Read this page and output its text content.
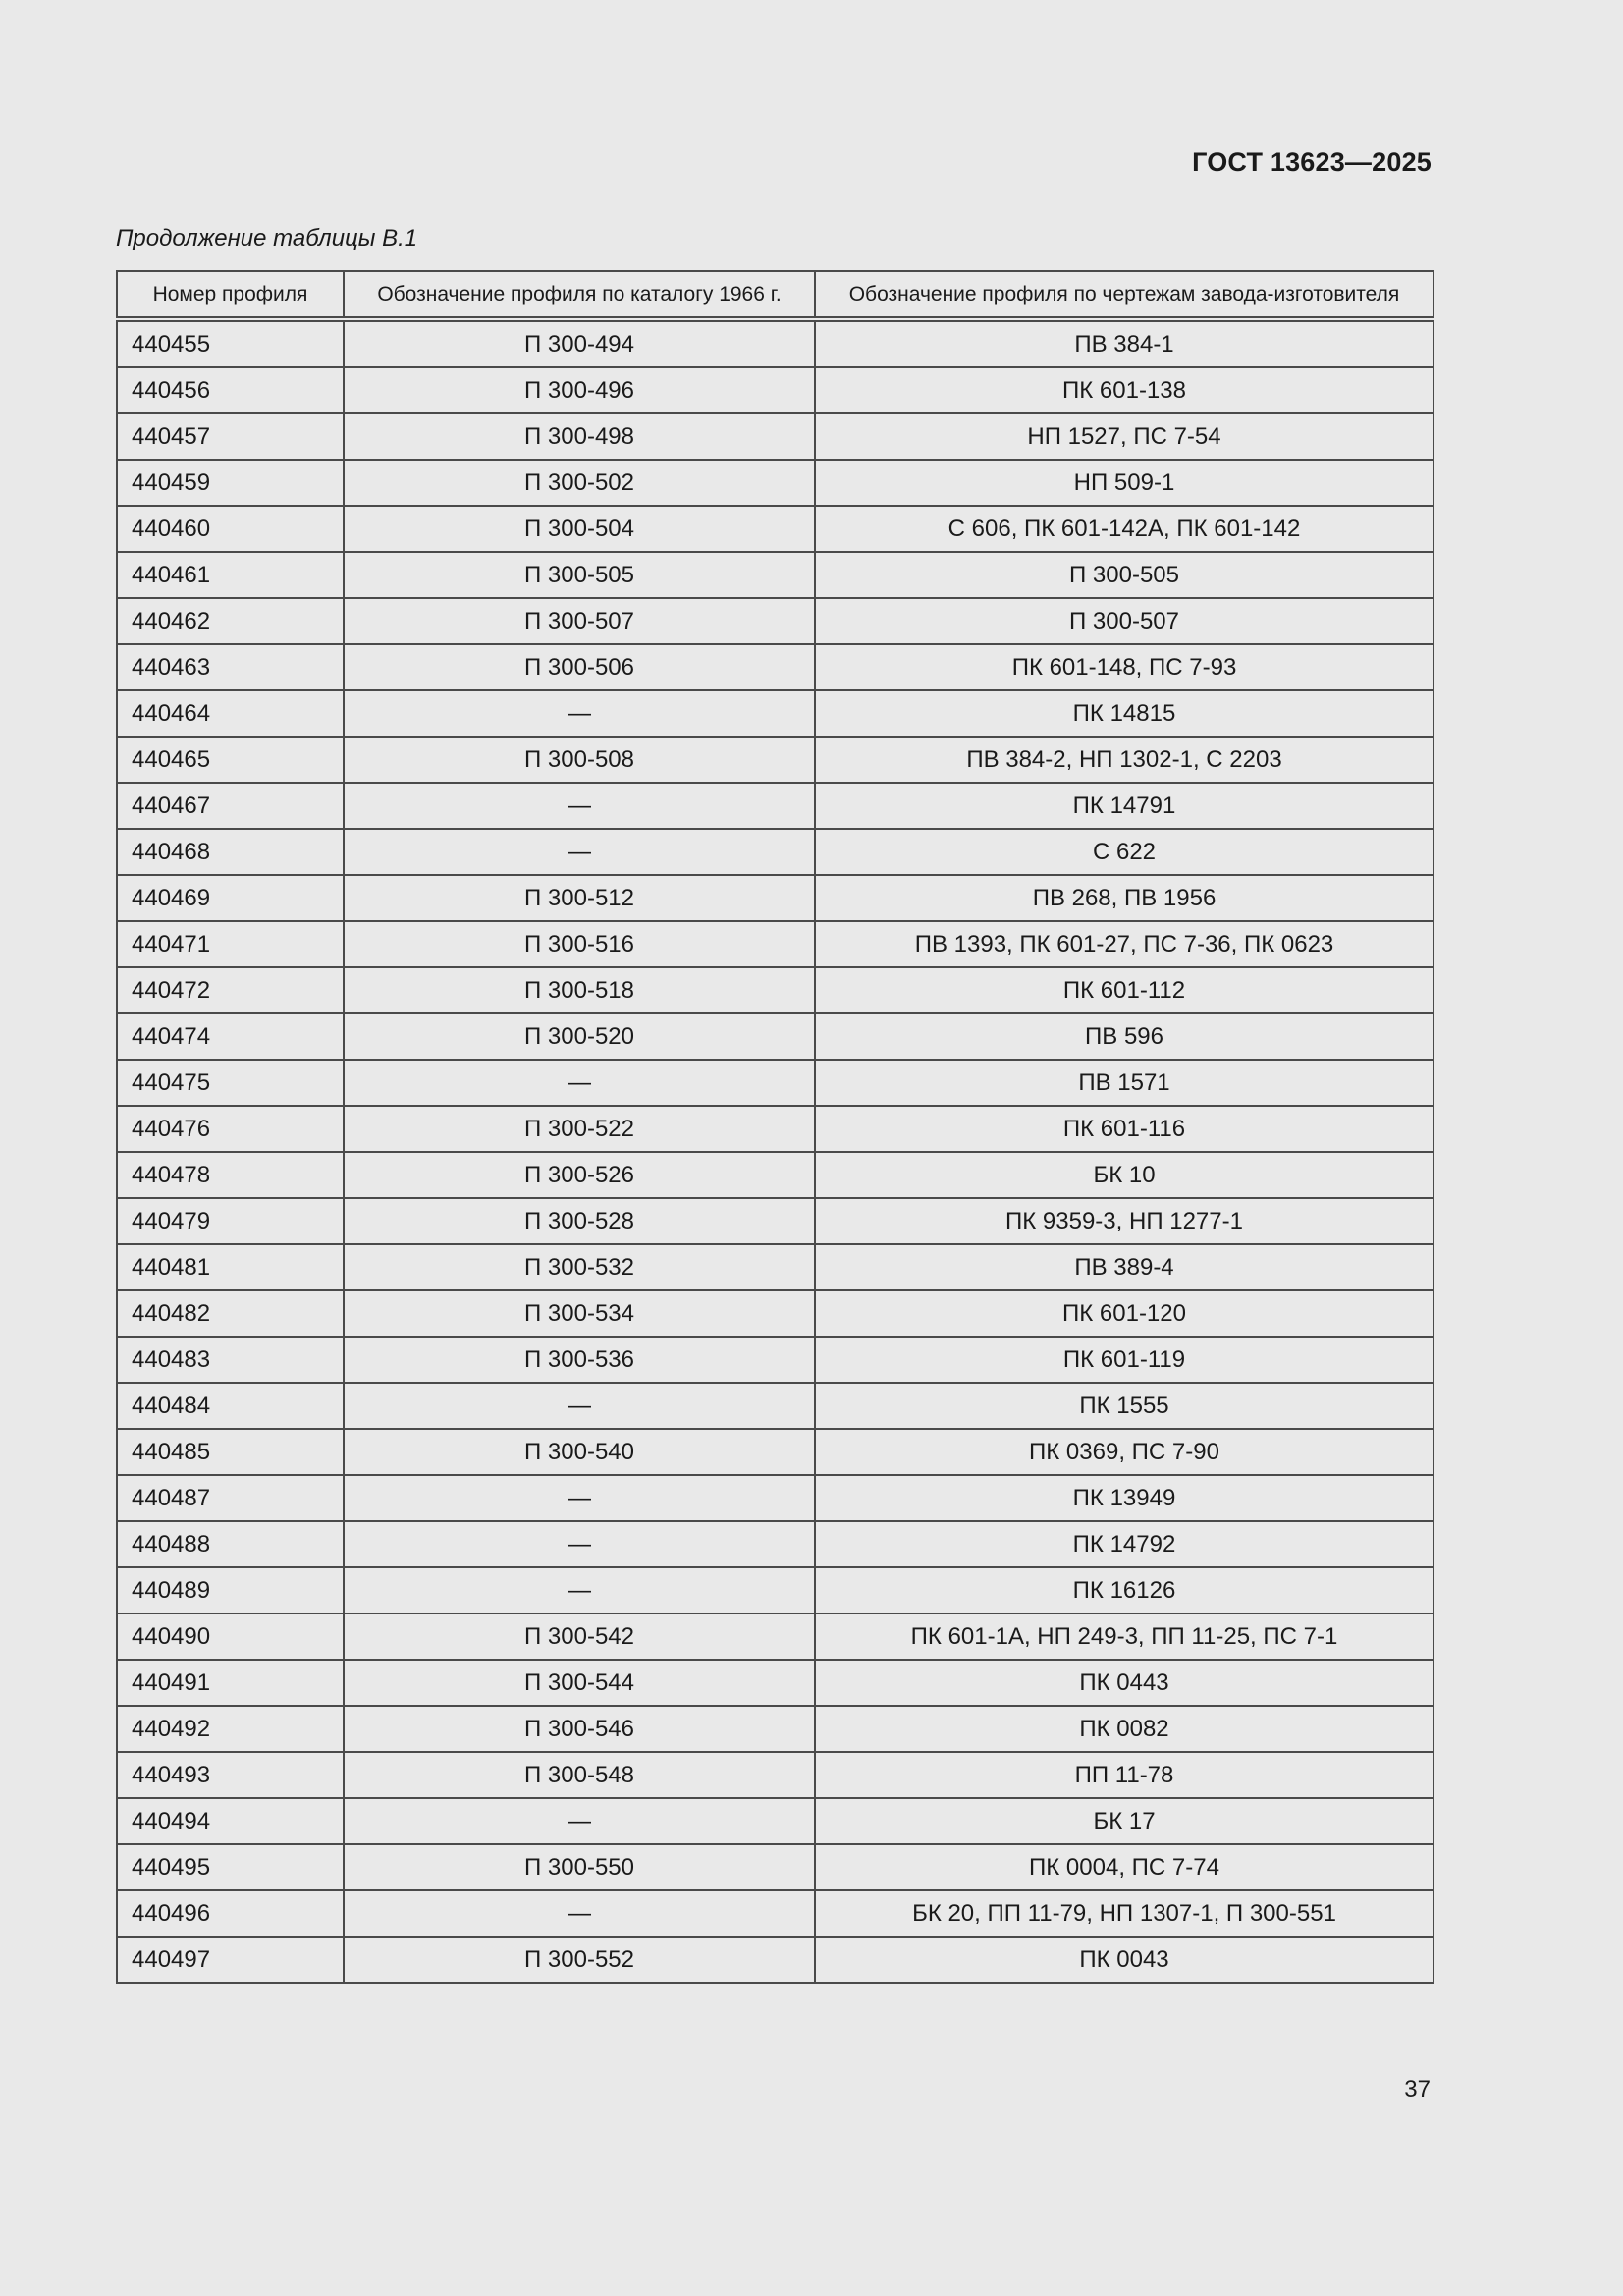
ГОСТ 13623—2025
Продолжение таблицы В.1
Номер профиля	Обозначение профиля по каталогу 1966 г.	Обозначение профиля по чертежам завода-изготовителя
440455	П 300-494	ПВ 384-1
440456	П 300-496	ПК 601-138
440457	П 300-498	НП 1527, ПС 7-54
440459	П 300-502	НП 509-1
440460	П 300-504	С 606, ПК 601-142А, ПК 601-142
440461	П 300-505	П 300-505
440462	П 300-507	П 300-507
440463	П 300-506	ПК 601-148, ПС 7-93
440464	—	ПК 14815
440465	П 300-508	ПВ 384-2, НП 1302-1, С 2203
440467	—	ПК 14791
440468	—	С 622
440469	П 300-512	ПВ 268, ПВ 1956
440471	П 300-516	ПВ 1393, ПК 601-27, ПС 7-36, ПК 0623
440472	П 300-518	ПК 601-112
440474	П 300-520	ПВ 596
440475	—	ПВ 1571
440476	П 300-522	ПК 601-116
440478	П 300-526	БК 10
440479	П 300-528	ПК 9359-3, НП 1277-1
440481	П 300-532	ПВ 389-4
440482	П 300-534	ПК 601-120
440483	П 300-536	ПК 601-119
440484	—	ПК 1555
440485	П 300-540	ПК 0369, ПС 7-90
440487	—	ПК 13949
440488	—	ПК 14792
440489	—	ПК 16126
440490	П 300-542	ПК 601-1А, НП 249-3, ПП 11-25, ПС 7-1
440491	П 300-544	ПК 0443
440492	П 300-546	ПК 0082
440493	П 300-548	ПП 11-78
440494	—	БК 17
440495	П 300-550	ПК 0004, ПС 7-74
440496	—	БК 20, ПП 11-79, НП 1307-1, П 300-551
440497	П 300-552	ПК 0043
37
